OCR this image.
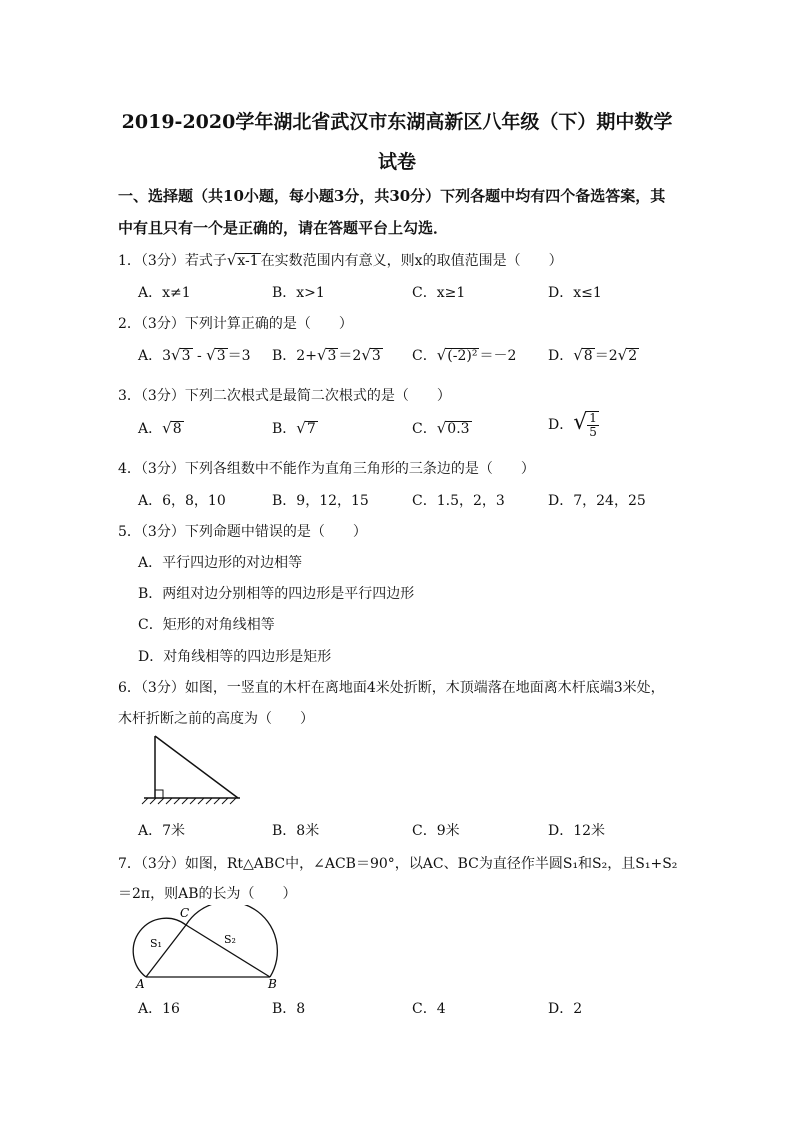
2019-2020学年湖北省武汉市东湖高新区八年级（下）期中数学
试卷
一、选择题（共10小题，每小题3分，共30分）下列各题中均有四个备选答案，其中有且只有一个是正确的，请在答题平台上勾选．
1．（3分）若式子√x-1 在实数范围内有意义，则x的取值范围是（　　）
A．x≠1	B．x>1	C．x≥1	D．x≤1
2．（3分）下列计算正确的是（　　）
A．3√3 - √3 ＝3 B．2+√3 ＝2√3 C．√(-2)² ＝－2 D．√8 ＝2√2
3．（3分）下列二次根式是最简二次根式的是（　　）
A．√8	B．√7	C．√0.3	D．√ $\frac{1}{5}$
4．（3分）下列各组数中不能作为直角三角形的三条边的是（　　）
A．6，8，10	B．9，12，15	C．1.5，2，3	D．7，24，25
5．（3分）下列命题中错误的是（　　）
A．平行四边形的对边相等
B．两组对边分别相等的四边形是平行四边形
C．矩形的对角线相等
D．对角线相等的四边形是矩形
6．（3分）如图，一竖直的木杆在离地面4米处折断，木顶端落在地面离木杆底端3米处，
木杆折断之前的高度为（　　）
A．7米	B．8米	C．9米	D．12米
7．（3分）如图，Rt△ABC中，∠ACB＝90°，以AC、BC为直径作半圆S₁和S₂，且S₁+S₂
＝2π，则AB的长为（　　）
C
S₁	S₂
A	B
A．16	B．8	C．4	D．2
